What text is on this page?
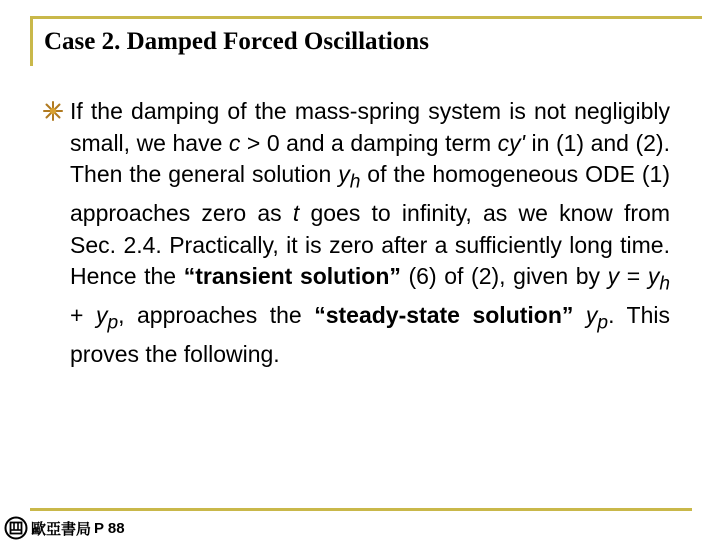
Case 2. Damped Forced Oscillations
If the damping of the mass-spring system is not negligibly small, we have c > 0 and a damping term cy' in (1) and (2). Then the general solution $y_h$ of the homogeneous ODE (1) approaches zero as t goes to infinity, as we know from Sec. 2.4. Practically, it is zero after a sufficiently long time. Hence the “transient solution” (6) of (2), given by $y = y_h + y_p$, approaches the “steady-state solution” $y_p$. This proves the following.
歐亞書局 P 88
